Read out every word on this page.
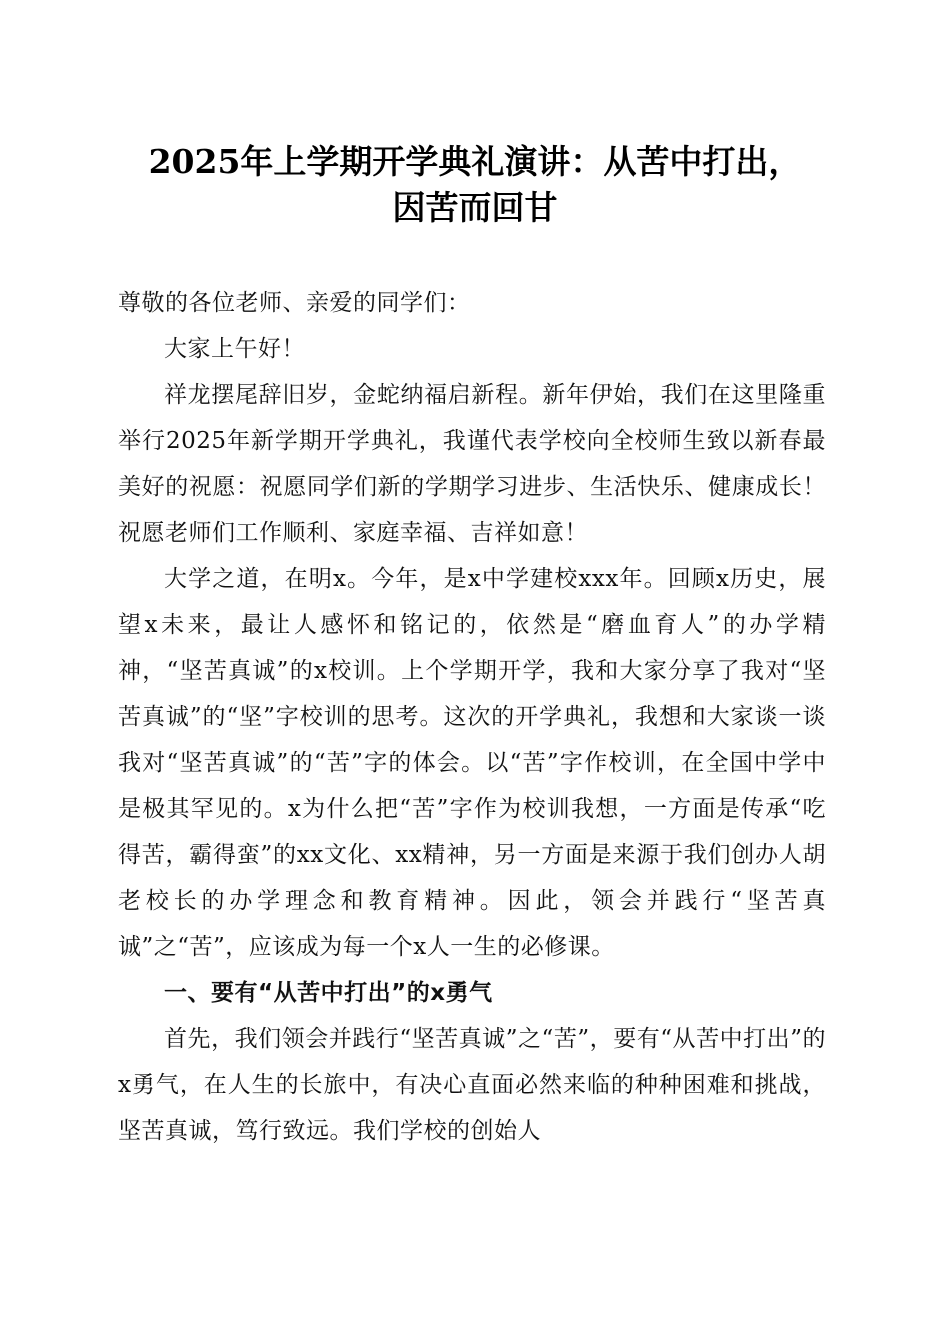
2025年上学期开学典礼演讲：从苦中打出，
因苦而回甘

尊敬的各位老师、亲爱的同学们：

大家上午好！

祥龙摆尾辞旧岁，金蛇纳福启新程。新年伊始，我们在这里隆重举行2025年新学期开学典礼，我谨代表学校向全校师生致以新春最美好的祝愿：祝愿同学们新的学期学习进步、生活快乐、健康成长！祝愿老师们工作顺利、家庭幸福、吉祥如意！

大学之道，在明x。今年，是x中学建校xxx年。回顾x历史，展望x未来，最让人感怀和铭记的，依然是“磨血育人”的办学精神，“坚苦真诚”的x校训。上个学期开学，我和大家分享了我对“坚苦真诚”的“坚”字校训的思考。这次的开学典礼，我想和大家谈一谈我对“坚苦真诚”的“苦”字的体会。以“苦”字作校训，在全国中学中是极其罕见的。x为什么把“苦”字作为校训我想，一方面是传承“吃得苦，霸得蛮”的xx文化、xx精神，另一方面是来源于我们创办人胡老校长的办学理念和教育精神。因此，领会并践行“坚苦真诚”之“苦”，应该成为每一个x人一生的必修课。

一、要有“从苦中打出”的x勇气

首先，我们领会并践行“坚苦真诚”之“苦”，要有“从苦中打出”的x勇气，在人生的长旅中，有决心直面必然来临的种种困难和挑战，坚苦真诚，笃行致远。我们学校的创始人
